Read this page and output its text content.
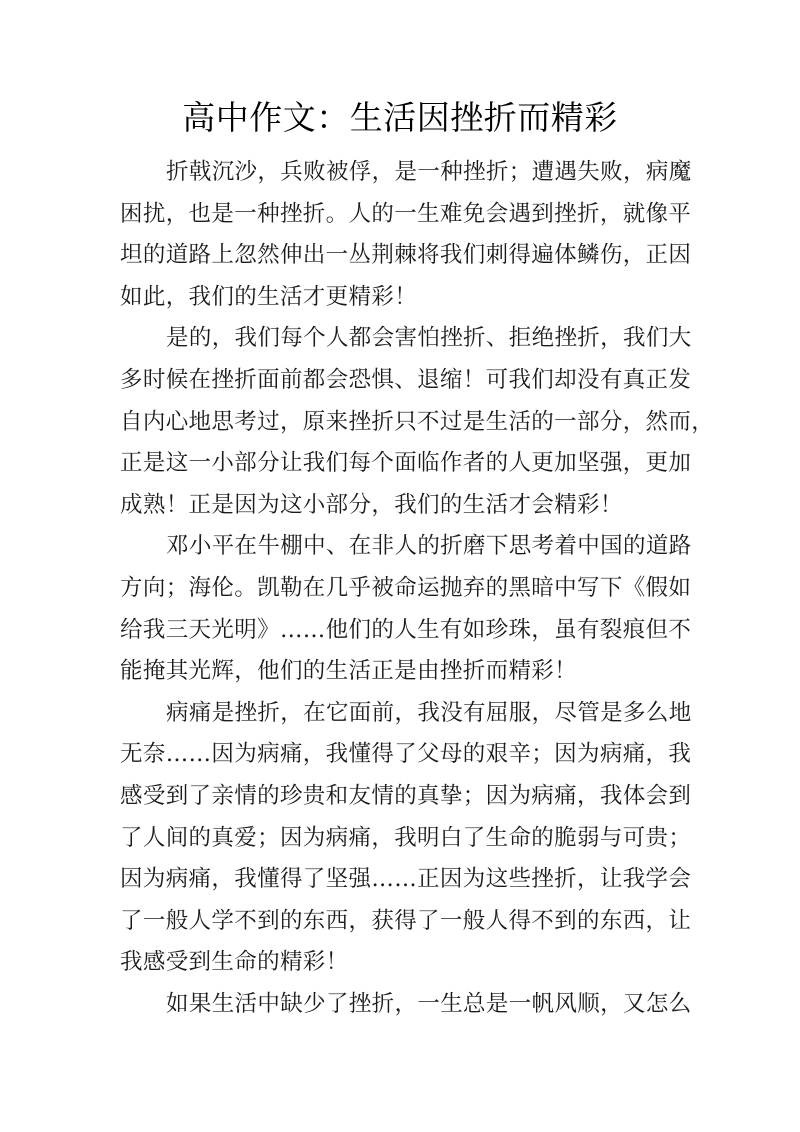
高中作文：生活因挫折而精彩
折戟沉沙，兵败被俘，是一种挫折；遭遇失败，病魔
困扰，也是一种挫折。人的一生难免会遇到挫折，就像平
坦的道路上忽然伸出一丛荆棘将我们刺得遍体鳞伤，正因
如此，我们的生活才更精彩！
是的，我们每个人都会害怕挫折、拒绝挫折，我们大
多时候在挫折面前都会恐惧、退缩！可我们却没有真正发
自内心地思考过，原来挫折只不过是生活的一部分，然而，
正是这一小部分让我们每个面临作者的人更加坚强，更加
成熟！正是因为这小部分，我们的生活才会精彩！
邓小平在牛棚中、在非人的折磨下思考着中国的道路
方向；海伦。凯勒在几乎被命运抛弃的黑暗中写下《假如
给我三天光明》……他们的人生有如珍珠，虽有裂痕但不
能掩其光辉，他们的生活正是由挫折而精彩！
病痛是挫折，在它面前，我没有屈服，尽管是多么地
无奈……因为病痛，我懂得了父母的艰辛；因为病痛，我
感受到了亲情的珍贵和友情的真挚；因为病痛，我体会到
了人间的真爱；因为病痛，我明白了生命的脆弱与可贵；
因为病痛，我懂得了坚强……正因为这些挫折，让我学会
了一般人学不到的东西，获得了一般人得不到的东西，让
我感受到生命的精彩！
如果生活中缺少了挫折，一生总是一帆风顺，又怎么
